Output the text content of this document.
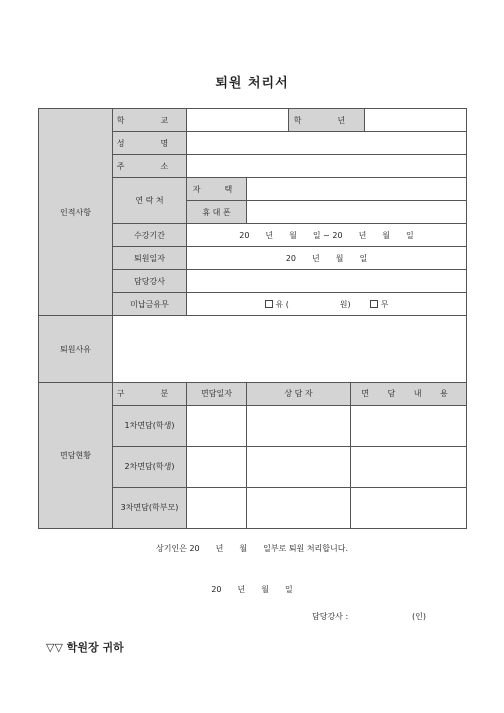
퇴원 처리서
인적사항	학　교			학　년		
	성　명					
	주　소					
	연 락 처	자　택				
		휴 대 폰				
	수강기간	20　　년　　월　　일 ~ 20　　년　　월　　일				
	퇴원일자	20　　년　　월　　일				
	담당강사					
	미납금유무	유 (                    원) 무				
퇴원사유						
면담현황	구　분	면담일자	상 담 자		면 담 내 용	
	1차면담(학생)					
	2차면담(학생)					
	3차면담(학부모)					
상기인은 20　　년　　월　　일부로 퇴원 처리합니다.
20　　년　　월　　일
담당강사 :	(인)
▽▽ 학원장 귀하
